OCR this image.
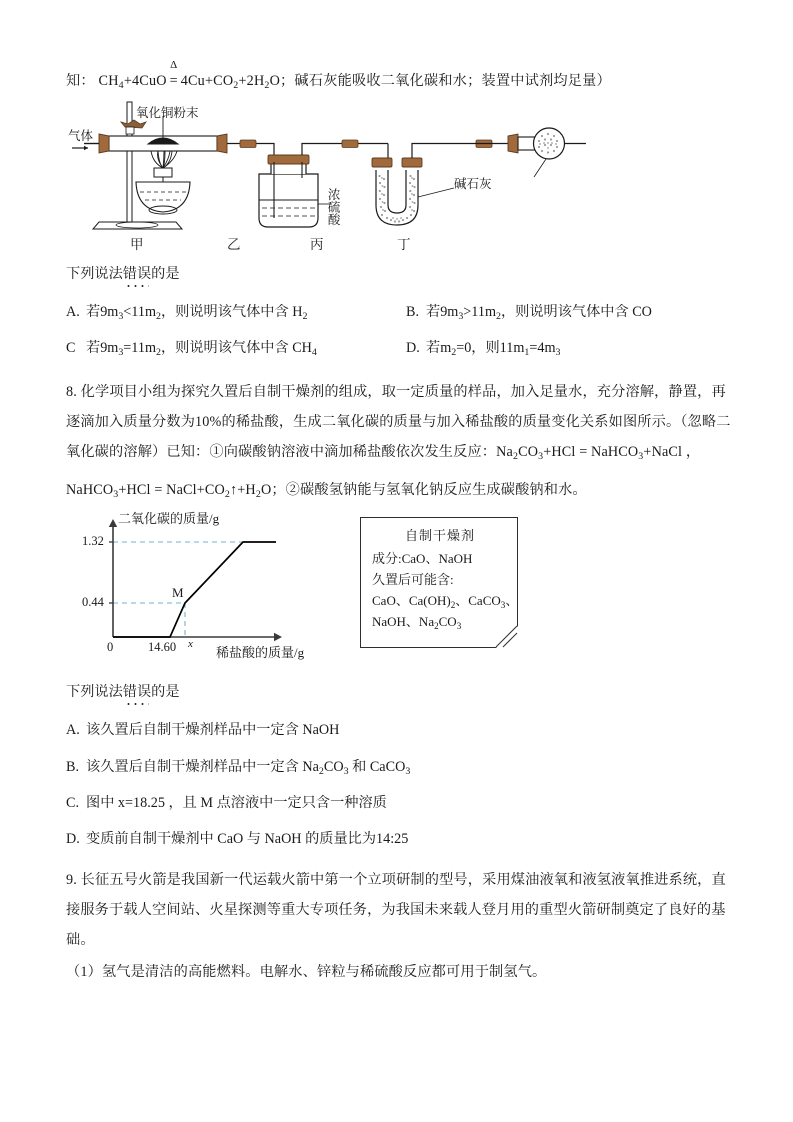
知： $CH_4+4CuO$
Δ
= $4Cu+CO_2+2H_2O$；碱石灰能吸收二氧化碳和水；装置中试剂均足量）
气体
氧化铜粉末
浓硫酸
碱石灰
甲	乙	丙	丁
下列说法错误的是
A. 若$9m_3<11m_2$，则说明该气体中含 $H_2$	B. 若$9m_3>11m_2$，则说明该气体中含 CO
C 若$9m_3=11m_2$，则说明该气体中含 $CH_4$	D. 若$m_2=0$，则$11m_1=4m_3$
8. 化学项目小组为探究久置后自制干燥剂的组成，取一定质量的样品，加入足量水，充分溶解，静置，再
逐滴加入质量分数为10%的稀盐酸，生成二氧化碳的质量与加入稀盐酸的质量变化关系如图所示。（忽略二
氧化碳的溶解）已知：①向碳酸钠溶液中滴加稀盐酸依次发生反应：$Na_2CO_3+HCl$ = NaHCO$_3$+NaCl ，
NaHCO$_3$+HCl = $NaCl+CO_2↑+H_2O$；②碳酸氢钠能与氢氧化钠反应生成碳酸钠和水。
二氧化碳的质量/g
1.32
0.44
0	14.60 x
稀盐酸的质量/g
M
自制干燥剂
成分:CaO、NaOH
久置后可能含:
CaO、$Ca(OH)_2$、CaCO$_3$、
NaOH、$Na_2CO_3$
下列说法错误的是
A. 该久置后自制干燥剂样品中一定含 NaOH
B. 该久置后自制干燥剂样品中一定含 $Na_2CO_3$ 和 CaCO$_3$
C. 图中 x=18.25 ，且 M 点溶液中一定只含一种溶质
D. 变质前自制干燥剂中 CaO 与 NaOH 的质量比为14:25
9. 长征五号火箭是我国新一代运载火箭中第一个立项研制的型号，采用煤油液氧和液氢液氧推进系统，直
接服务于载人空间站、火星探测等重大专项任务，为我国未来载人登月用的重型火箭研制奠定了良好的基
础。
（1）氢气是清洁的高能燃料。电解水、锌粒与稀硫酸反应都可用于制氢气。
